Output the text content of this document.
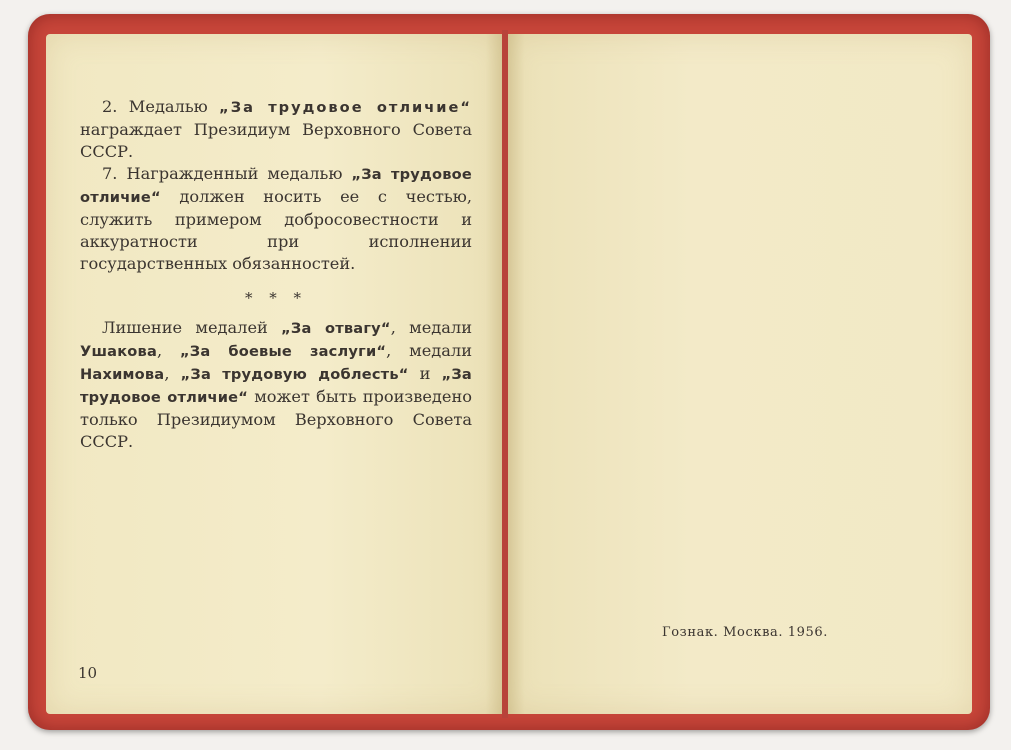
2. Медалью „За трудовое отличие“ награждает Президиум Верховного Совета СССР.

7. Награжденный медалью „За трудовое отличие“ должен носить ее с честью, служить примером добросовестности и аккуратности при исполнении государственных обязанностей.

* * *

Лишение медалей „За отвагу“, медали Ушакова, „За боевые заслуги“, медали Нахимова, „За трудовую доблесть“ и „За трудовое отличие“ может быть произведено только Президиумом Верховного Совета СССР.

10
Гознак. Москва. 1956.
